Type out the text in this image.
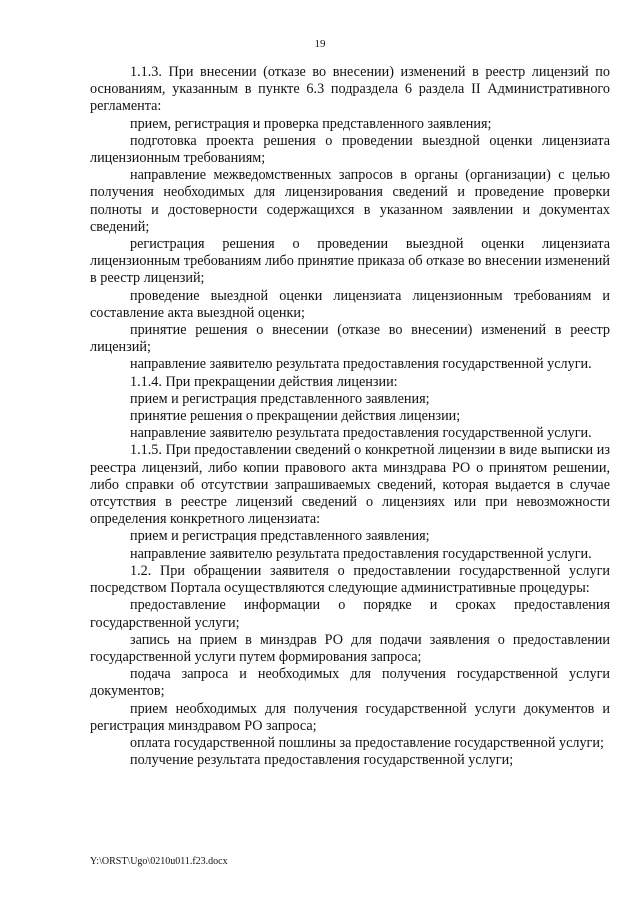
19

1.1.3. При внесении (отказе во внесении) изменений в реестр лицензий по основаниям, указанным в пункте 6.3 подраздела 6 раздела II Административного регламента:

прием, регистрация и проверка представленного заявления;

подготовка проекта решения о проведении выездной оценки лицензиата лицензионным требованиям;

направление межведомственных запросов в органы (организации) с целью получения необходимых для лицензирования сведений и проведение проверки полноты и достоверности содержащихся в указанном заявлении и документах сведений;

регистрация решения о проведении выездной оценки лицензиата лицензионным требованиям либо принятие приказа об отказе во внесении изменений в реестр лицензий;

проведение выездной оценки лицензиата лицензионным требованиям и составление акта выездной оценки;

принятие решения о внесении (отказе во внесении) изменений в реестр лицензий;

направление заявителю результата предоставления государственной услуги.

1.1.4. При прекращении действия лицензии:

прием и регистрация представленного заявления;

принятие решения о прекращении действия лицензии;

направление заявителю результата предоставления государственной услуги.

1.1.5. При предоставлении сведений о конкретной лицензии в виде выписки из реестра лицензий, либо копии правового акта минздрава РО о принятом решении, либо справки об отсутствии запрашиваемых сведений, которая выдается в случае отсутствия в реестре лицензий сведений о лицензиях или при невозможности определения конкретного лицензиата:

прием и регистрация представленного заявления;

направление заявителю результата предоставления государственной услуги.

1.2. При обращении заявителя о предоставлении государственной услуги посредством Портала осуществляются следующие административные процедуры:

предоставление информации о порядке и сроках предоставления государственной услуги;

запись на прием в минздрав РО для подачи заявления о предоставлении государственной услуги путем формирования запроса;

подача запроса и необходимых для получения государственной услуги документов;

прием необходимых для получения государственной услуги документов и регистрация минздравом РО запроса;

оплата государственной пошлины за предоставление государственной услуги;

получение результата предоставления государственной услуги;

Y:\ORST\Ugo\0210u011.f23.docx
